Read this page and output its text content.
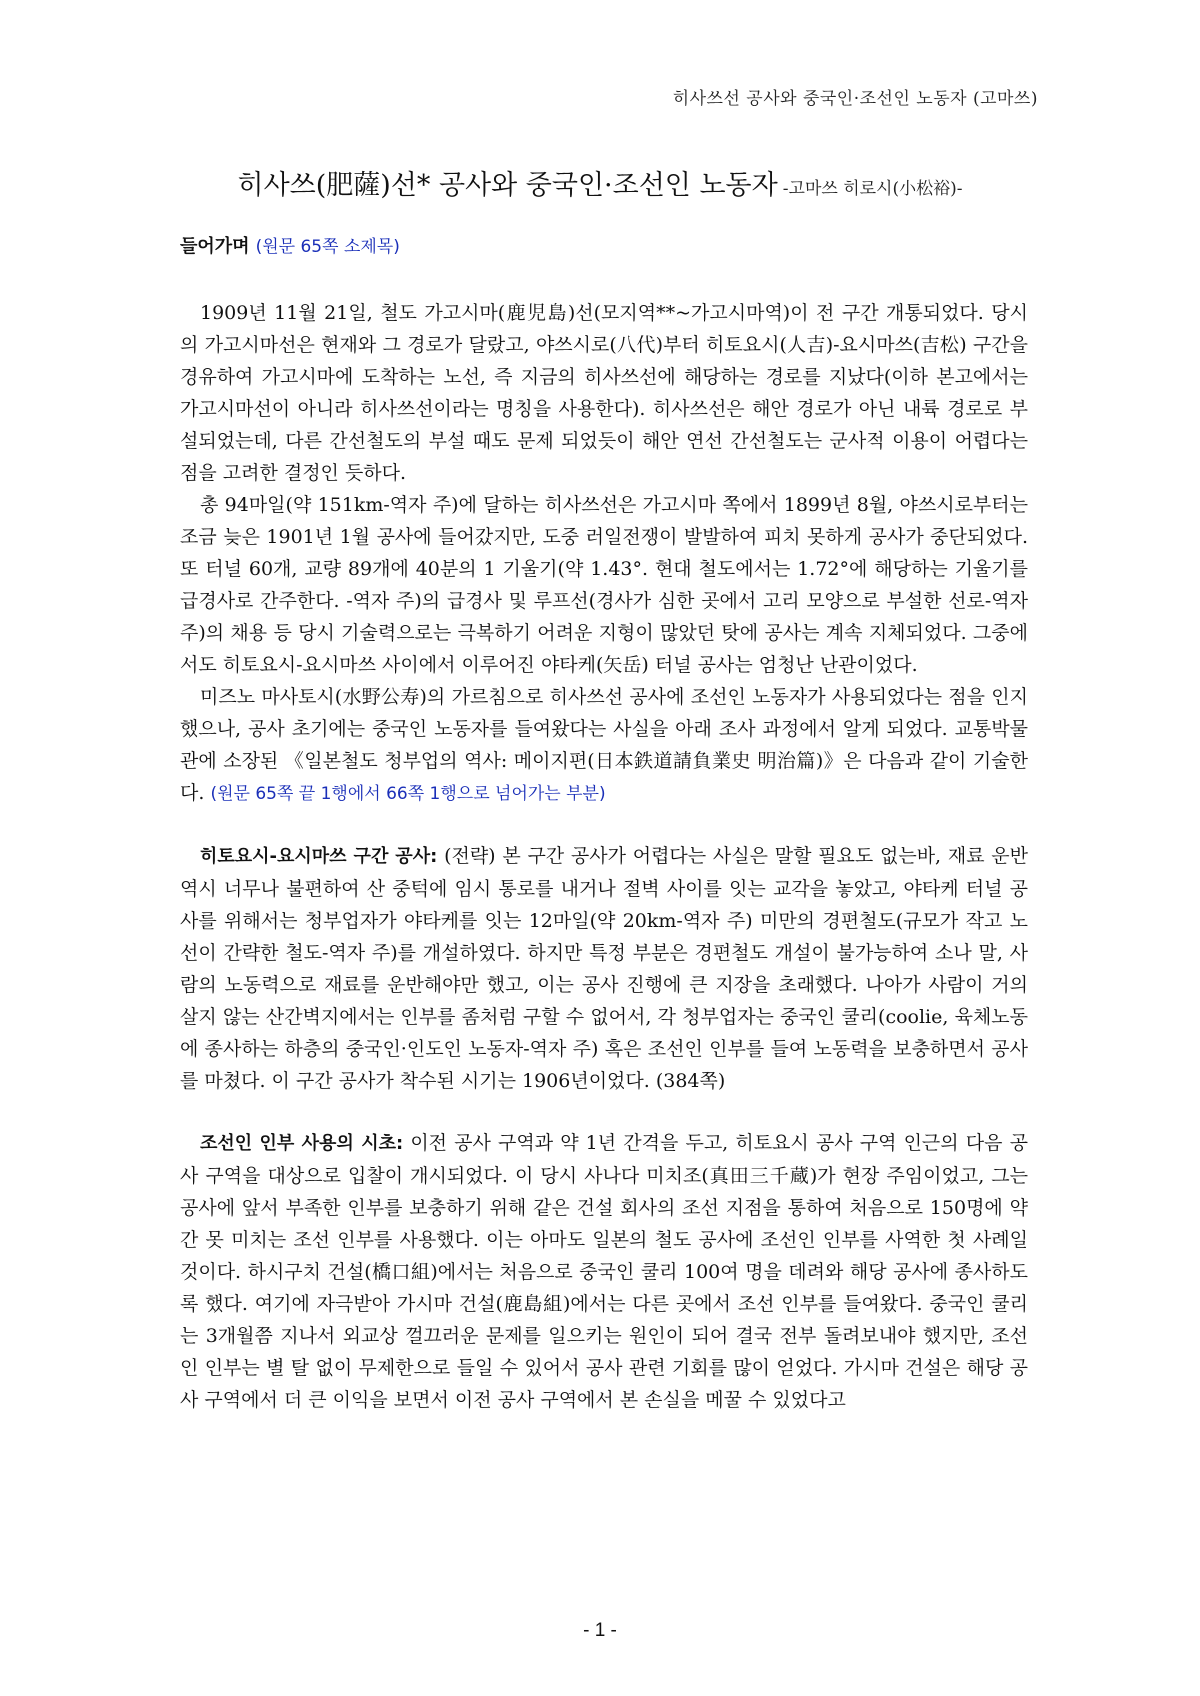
히사쓰선 공사와 중국인·조선인 노동자 (고마쓰)
히사쓰(肥薩)선* 공사와 중국인·조선인 노동자 -고마쓰 히로시(小松裕)-

들어가며 (원문 65쪽 소제목)

1909년 11월 21일, 철도 가고시마(鹿児島)선(모지역**~가고시마역)이 전 구간 개통되었다. 당시의 가고시마선은 현재와 그 경로가 달랐고, 야쓰시로(八代)부터 히토요시(人吉)-요시마쓰(吉松) 구간을 경유하여 가고시마에 도착하는 노선, 즉 지금의 히사쓰선에 해당하는 경로를 지났다(이하 본고에서는 가고시마선이 아니라 히사쓰선이라는 명칭을 사용한다). 히사쓰선은 해안 경로가 아닌 내륙 경로로 부설되었는데, 다른 간선철도의 부설 때도 문제 되었듯이 해안 연선 간선철도는 군사적 이용이 어렵다는 점을 고려한 결정인 듯하다.

총 94마일(약 151km-역자 주)에 달하는 히사쓰선은 가고시마 쪽에서 1899년 8월, 야쓰시로부터는 조금 늦은 1901년 1월 공사에 들어갔지만, 도중 러일전쟁이 발발하여 피치 못하게 공사가 중단되었다. 또 터널 60개, 교량 89개에 40분의 1 기울기(약 1.43°. 현대 철도에서는 1.72°에 해당하는 기울기를 급경사로 간주한다. -역자 주)의 급경사 및 루프선(경사가 심한 곳에서 고리 모양으로 부설한 선로-역자 주)의 채용 등 당시 기술력으로는 극복하기 어려운 지형이 많았던 탓에 공사는 계속 지체되었다. 그중에서도 히토요시-요시마쓰 사이에서 이루어진 야타케(矢岳) 터널 공사는 엄청난 난관이었다.

미즈노 마사토시(水野公寿)의 가르침으로 히사쓰선 공사에 조선인 노동자가 사용되었다는 점을 인지했으나, 공사 초기에는 중국인 노동자를 들여왔다는 사실을 아래 조사 과정에서 알게 되었다. 교통박물관에 소장된 《일본철도 청부업의 역사: 메이지편(日本鉄道請負業史 明治篇)》은 다음과 같이 기술한다. (원문 65쪽 끝 1행에서 66쪽 1행으로 넘어가는 부분)

히토요시-요시마쓰 구간 공사: (전략) 본 구간 공사가 어렵다는 사실은 말할 필요도 없는바, 재료 운반 역시 너무나 불편하여 산 중턱에 임시 통로를 내거나 절벽 사이를 잇는 교각을 놓았고, 야타케 터널 공사를 위해서는 청부업자가 야타케를 잇는 12마일(약 20km-역자 주) 미만의 경편철도(규모가 작고 노선이 간략한 철도-역자 주)를 개설하였다. 하지만 특정 부분은 경편철도 개설이 불가능하여 소나 말, 사람의 노동력으로 재료를 운반해야만 했고, 이는 공사 진행에 큰 지장을 초래했다. 나아가 사람이 거의 살지 않는 산간벽지에서는 인부를 좀처럼 구할 수 없어서, 각 청부업자는 중국인 쿨리(coolie, 육체노동에 종사하는 하층의 중국인·인도인 노동자-역자 주) 혹은 조선인 인부를 들여 노동력을 보충하면서 공사를 마쳤다. 이 구간 공사가 착수된 시기는 1906년이었다. (384쪽)

조선인 인부 사용의 시초: 이전 공사 구역과 약 1년 간격을 두고, 히토요시 공사 구역 인근의 다음 공사 구역을 대상으로 입찰이 개시되었다. 이 당시 사나다 미치조(真田三千蔵)가 현장 주임이었고, 그는 공사에 앞서 부족한 인부를 보충하기 위해 같은 건설 회사의 조선 지점을 통하여 처음으로 150명에 약간 못 미치는 조선 인부를 사용했다. 이는 아마도 일본의 철도 공사에 조선인 인부를 사역한 첫 사례일 것이다. 하시구치 건설(橋口組)에서는 처음으로 중국인 쿨리 100여 명을 데려와 해당 공사에 종사하도록 했다. 여기에 자극받아 가시마 건설(鹿島組)에서는 다른 곳에서 조선 인부를 들여왔다. 중국인 쿨리는 3개월쯤 지나서 외교상 껄끄러운 문제를 일으키는 원인이 되어 결국 전부 돌려보내야 했지만, 조선인 인부는 별 탈 없이 무제한으로 들일 수 있어서 공사 관련 기회를 많이 얻었다. 가시마 건설은 해당 공사 구역에서 더 큰 이익을 보면서 이전 공사 구역에서 본 손실을 메꿀 수 있었다고

- 1 -
